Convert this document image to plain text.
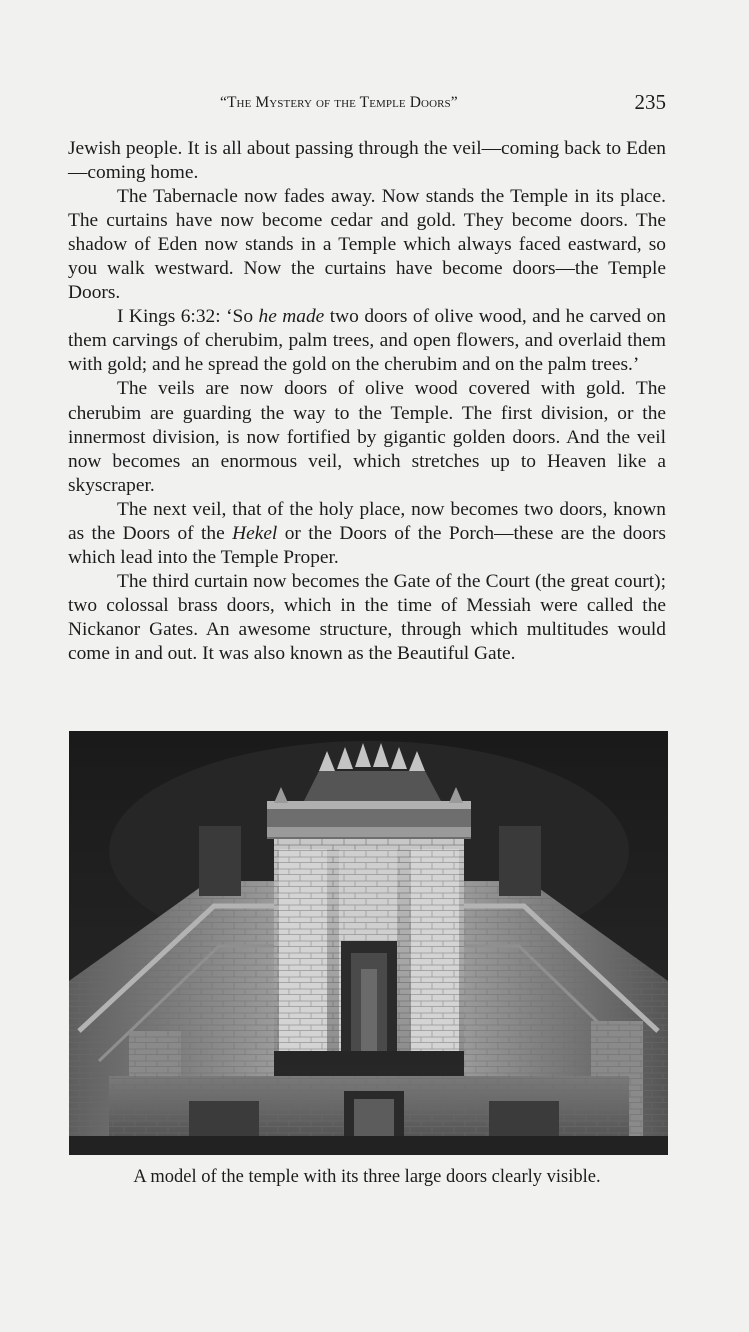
“The Mystery of the Temple Doors”	235

Jewish people. It is all about passing through the veil—coming back to Eden—coming home.

The Tabernacle now fades away. Now stands the Temple in its place. The curtains have now become cedar and gold. They become doors. The shadow of Eden now stands in a Temple which always faced eastward, so you walk westward. Now the curtains have become doors—the Temple Doors.

I Kings 6:32: ‘So he made two doors of olive wood, and he carved on them carvings of cherubim, palm trees, and open flowers, and overlaid them with gold; and he spread the gold on the cherubim and on the palm trees.’

The veils are now doors of olive wood covered with gold. The cherubim are guarding the way to the Temple. The first division, or the innermost division, is now fortified by gigantic golden doors. And the veil now becomes an enormous veil, which stretches up to Heaven like a skyscraper.

The next veil, that of the holy place, now becomes two doors, known as the Doors of the Hekel or the Doors of the Porch—these are the doors which lead into the Temple Proper.

The third curtain now becomes the Gate of the Court (the great court); two colossal brass doors, which in the time of Messiah were called the Nickanor Gates. An awesome structure, through which multitudes would come in and out. It was also known as the Beautiful Gate.

A model of the temple with its three large doors clearly visible.
